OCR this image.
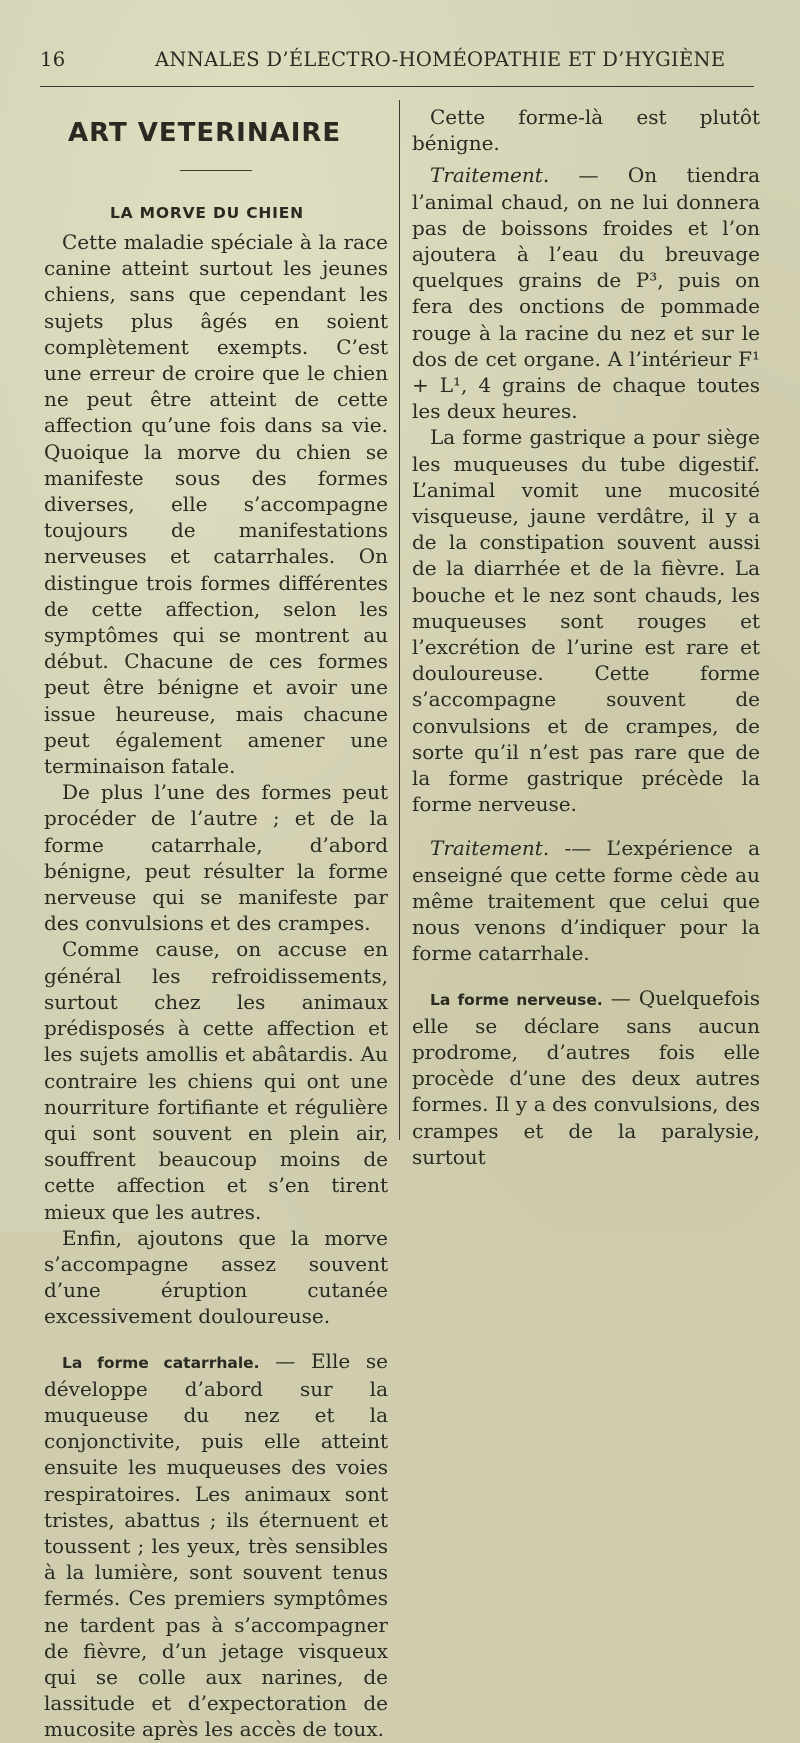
16	ANNALES D’ÉLECTRO-HOMÉOPATHIE ET D’HYGIÈNE
ART VETERINAIRE
LA MORVE DU CHIEN

Cette maladie spéciale à la race canine atteint surtout les jeunes chiens, sans que cependant les sujets plus âgés en soient complètement exempts. C’est une erreur de croire que le chien ne peut être atteint de cette affection qu’une fois dans sa vie. Quoique la morve du chien se manifeste sous des formes diverses, elle s’accompagne toujours de manifestations nerveuses et catarrhales. On distingue trois formes différentes de cette affection, selon les symptômes qui se montrent au début. Chacune de ces formes peut être bénigne et avoir une issue heureuse, mais chacune peut également amener une terminaison fatale.

De plus l’une des formes peut procéder de l’autre ; et de la forme catarrhale, d’abord bénigne, peut résulter la forme nerveuse qui se manifeste par des convulsions et des crampes.

Comme cause, on accuse en général les refroidissements, surtout chez les animaux prédisposés à cette affection et les sujets amollis et abâtardis. Au contraire les chiens qui ont une nourriture fortifiante et régulière qui sont souvent en plein air, souffrent beaucoup moins de cette affection et s’en tirent mieux que les autres.

Enfin, ajoutons que la morve s’accompagne assez souvent d’une éruption cutanée excessivement douloureuse.

La forme catarrhale. — Elle se développe d’abord sur la muqueuse du nez et la conjonctivite, puis elle atteint ensuite les muqueuses des voies respiratoires. Les animaux sont tristes, abattus ; ils éternuent et toussent ; les yeux, très sensibles à la lumière, sont souvent tenus fermés. Ces premiers symptômes ne tardent pas à s’accompagner de fièvre, d’un jetage visqueux qui se colle aux narines, de lassitude et d’expectoration de mucosite après les accès de toux.

Cette forme-là est plutôt bénigne.

Traitement. — On tiendra l’animal chaud, on ne lui donnera pas de boissons froides et l’on ajoutera à l’eau du breuvage quelques grains de P³, puis on fera des onctions de pommade rouge à la racine du nez et sur le dos de cet organe. A l’intérieur F¹ + L¹, 4 grains de chaque toutes les deux heures.

La forme gastrique a pour siège les muqueuses du tube digestif. L’animal vomit une mucosité visqueuse, jaune verdâtre, il y a de la constipation souvent aussi de la diarrhée et de la fièvre. La bouche et le nez sont chauds, les muqueuses sont rouges et l’excrétion de l’urine est rare et douloureuse. Cette forme s’accompagne souvent de convulsions et de crampes, de sorte qu’il n’est pas rare que de la forme gastrique précède la forme nerveuse.

Traitement. -— L’expérience a enseigné que cette forme cède au même traitement que celui que nous venons d’indiquer pour la forme catarrhale.

La forme nerveuse. — Quelquefois elle se déclare sans aucun prodrome, d’autres fois elle procède d’une des deux autres formes. Il y a des convulsions, des crampes et de la paralysie, surtout
